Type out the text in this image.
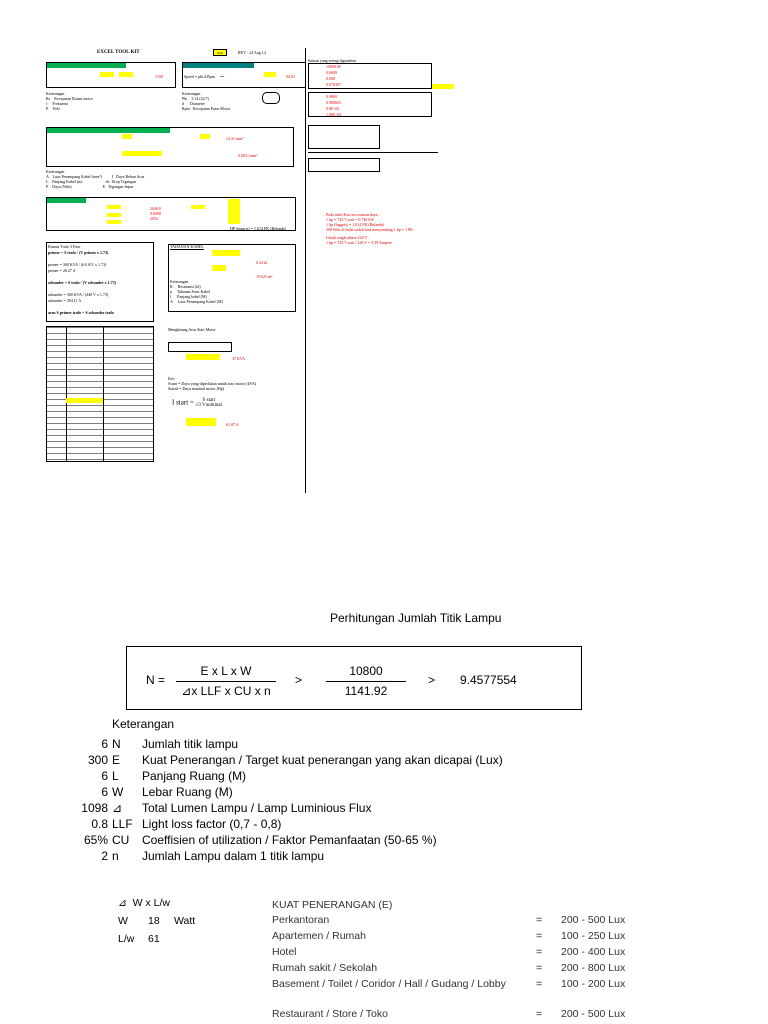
EXCEL TOOL KIT	Edit	REV : 24 Aug 14
1100
Keterangan
Rs    Kecepatan Rotasi motor
f     Frekuensi
P     Pole
Speed = phi.d.Rpm     ==	94.02
Keterangan
Phi    3.14 (22/7)
d      Diameter
Rpm   Kecepatan Putar Motor
14.31 mm²
0.0031 mm²
Keterangan
A    Luas Penampang Kabel (mm²)          I   Daya Beban Arus
L    Panjang Kabel (m)                       dv  Drop Tegangan
P    Daya (Watt)                               E   Tegangan Input
2040.0
0.6000
2052
HP (inggris) = 1.014 PK (Belanda)
Rumus Trafo 3 Fase
primer = S trafo / (V primer x 1.73)

primer = 300 KVA / (6.6 KV x 1.73)
primer = 26.27 A

sekunder = S trafo / (V sekunder x 1.73)

sekunder = 300 KVA / (440 V x 1.73)
sekunder = 394.11 A

arus S primer trafo = S sekunder trafo
TAHANAN KABEL
0.24 Ω
19.625 m²
Keterangan
R     Resistansi (Ω)
ρ     Tahanan Jenis Kabel
l      Panjang kabel (M)
A     Luas Penampang Kabel (M)
Menghitung Arus Start Motor
37 KVA
Ket:
Sstart = Daya yang diperlukan untuk start motor (kVA)
Srated = Daya nominal motor (Hp)
I start = S start
√3 Vnominal
61.07 A
Satuan yang sering digunakan
10000.00
0.0689
0.068
0.070307

0.9869
0.980665
9.8E-04
1.00E-04
Pada tabel Kuo tero satuan daya :
1 hp = 745.7 watt = 0.746 kW
1 hp (Inggris) = 1.014 PK (Belanda)
500 Watt di bulat sudah bisa menyandang 1 hp = 1 PK
Untuk single phase 220 V :
1 hp = 745.7 watt / 220 V = 3.39 Ampere
Perhitungan Jumlah Titik Lampu
N =
E x L x W
⊿x LLF x CU x n
>
10800
1141.92
> 9.4577554
Keterangan
6 N Jumlah titik lampu
300 E Kuat Penerangan / Target kuat penerangan yang akan dicapai (Lux)
6 L Panjang Ruang (M)
6 W Lebar Ruang (M)
1098 ⊿ Total Lumen Lampu / Lamp Luminious Flux
0.8 LLF Light loss factor (0,7 - 0,8)
65% CU Coeffisien of utilization / Faktor Pemanfaatan (50-65 %)
2 n Jumlah Lampu dalam 1 titik lampu
⊿ W x L/w
W 18 Watt
L/w 61
KUAT PENERANGAN (E)
Perkantoran	= 200 - 500 Lux
Apartemen / Rumah	= 100 - 250 Lux
Hotel	= 200 - 400 Lux
Rumah sakit / Sekolah	= 200 - 800 Lux
Basement / Toilet / Coridor / Hall / Gudang / Lobby	= 100 - 200 Lux
Restaurant / Store / Toko	= 200 - 500 Lux
